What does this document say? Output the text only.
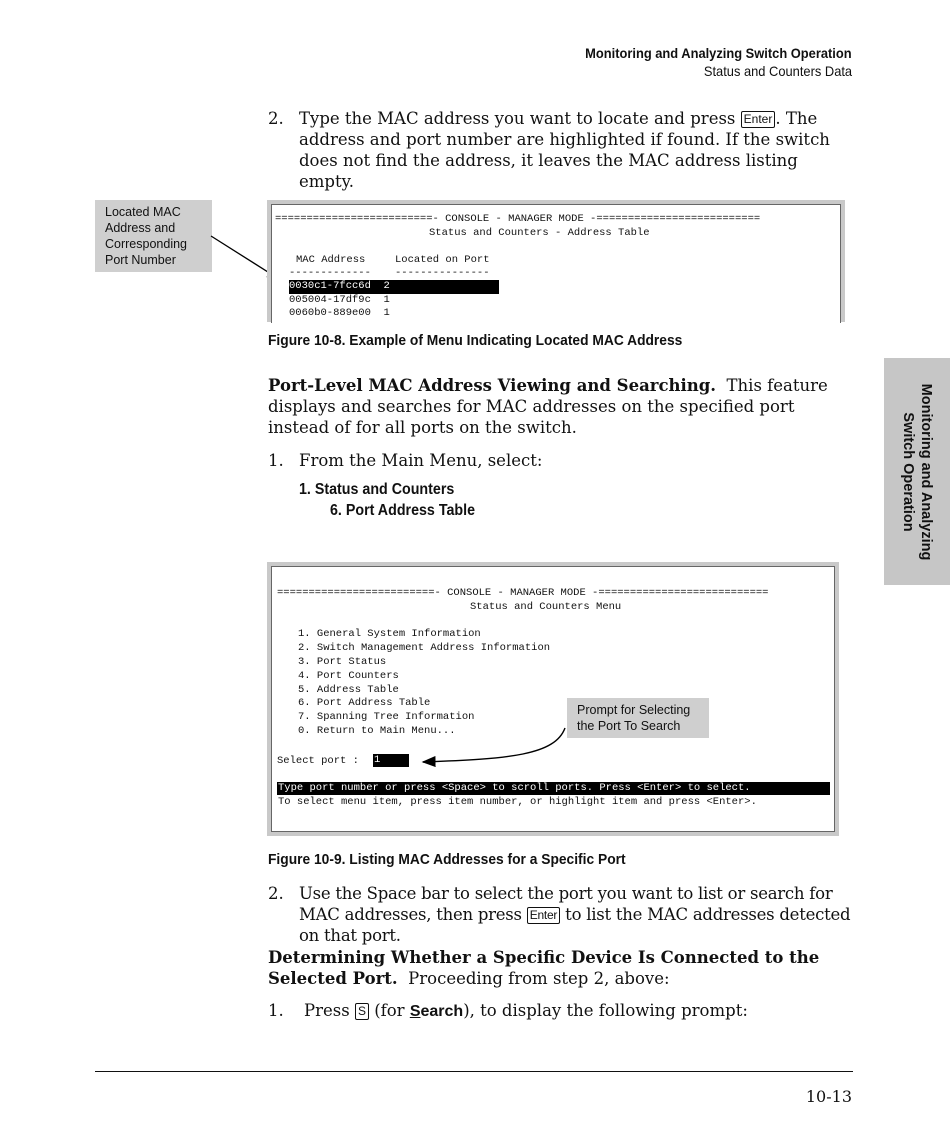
Monitoring and Analyzing Switch Operation
Status and Counters Data
2. Type the MAC address you want to locate and press Enter . The address and port number are highlighted if found. If the switch does not find the address, it leaves the MAC address listing empty.
Located MAC
Address and
Corresponding
Port Number
=========================- CONSOLE - MANAGER MODE -==========================
Status and Counters - Address Table
MAC Address	Located on Port
------------- ---------------
0030c1-7fcc6d 2
005004-17df9c 1
0060b0-889e00 1
Figure 10-8. Example of Menu Indicating Located MAC Address
Port-Level MAC Address Viewing and Searching. This feature displays and searches for MAC addresses on the specified port instead of for all ports on the switch.
1. From the Main Menu, select:
1. Status and Counters
6. Port Address Table
=========================- CONSOLE - MANAGER MODE -===========================
Status and Counters Menu
1. General System Information
2. Switch Management Address Information
3. Port Status
4. Port Counters
5. Address Table
6. Port Address Table
7. Spanning Tree Information
0. Return to Main Menu...
Select port : 1
Type port number or press <Space> to scroll ports. Press <Enter> to select.
To select menu item, press item number, or highlight item and press <Enter>.
Prompt for Selecting
the Port To Search
Figure 10-9. Listing MAC Addresses for a Specific Port
2. Use the Space bar to select the port you want to list or search for MAC addresses, then press Enter to list the MAC addresses detected on that port.
Determining Whether a Specific Device Is Connected to the Selected Port. Proceeding from step 2, above:
1.	Press S (for Search), to display the following prompt:
Monitoring and Analyzing
Switch Operation
10-13
